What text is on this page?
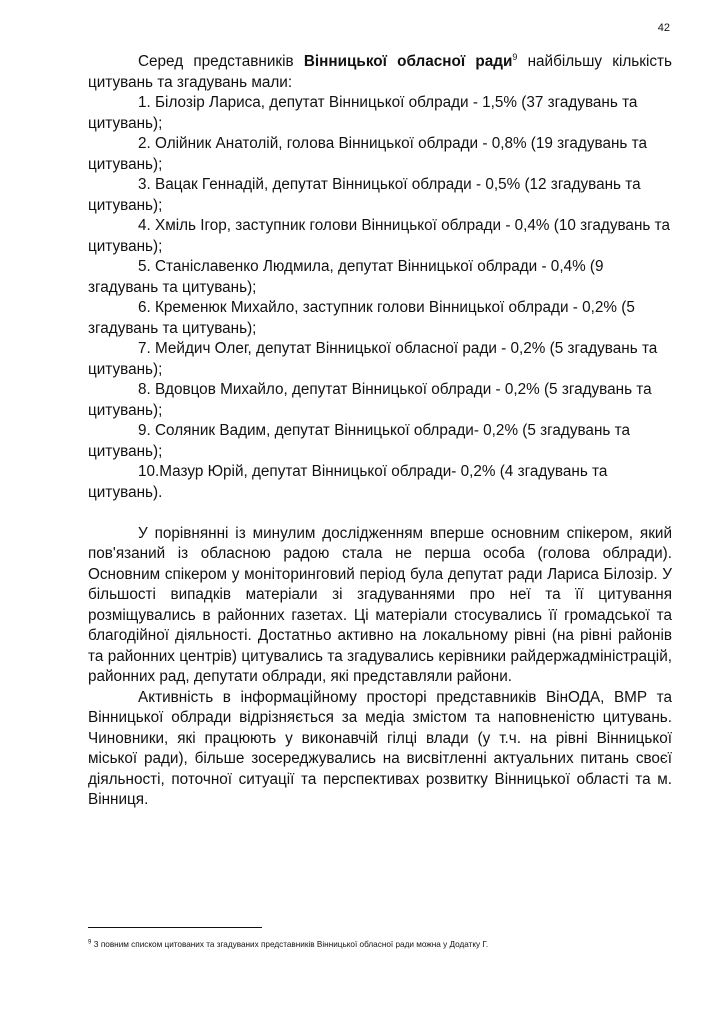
42

Серед представників Вінницької обласної ради$^9$ найбільшу кількість цитувань та згадувань мали:

1. Білозір Лариса, депутат Вінницької облради - 1,5% (37 згадувань та цитувань);
2. Олійник Анатолій, голова Вінницької облради - 0,8% (19 згадувань та цитувань);
3. Вацак Геннадій, депутат Вінницької облради - 0,5% (12 згадувань та цитувань);
4. Хміль Ігор, заступник голови Вінницької облради - 0,4% (10 згадувань та цитувань);
5. Станіславенко Людмила, депутат Вінницької облради - 0,4% (9 згадувань та цитувань);
6. Кременюк Михайло, заступник голови Вінницької облради - 0,2% (5 згадувань та цитувань);
7. Мейдич Олег, депутат Вінницької обласної ради - 0,2% (5 згадувань та цитувань);
8. Вдовцов Михайло, депутат Вінницької облради - 0,2% (5 згадувань та цитувань);
9. Соляник Вадим, депутат Вінницької облради- 0,2% (5 згадувань та цитувань);
10.Мазур Юрій, депутат Вінницької облради- 0,2% (4 згадувань та цитувань).

У порівнянні із минулим дослідженням вперше основним спікером, який пов'язаний із обласною радою стала не перша особа (голова облради). Основним спікером у моніторинговий період була депутат ради Лариса Білозір. У більшості випадків матеріали зі згадуваннями про неї та її цитування розміщувались в районних газетах. Ці матеріали стосувались її громадської та благодійної діяльності. Достатньо активно на локальному рівні (на рівні районів та районних центрів) цитувались та згадувались керівники райдержадміністрацій, районних рад, депутати облради, які представляли райони.

Активність в інформаційному просторі представників ВінОДА, ВМР та Вінницької облради відрізняється за медіа змістом та наповненістю цитувань. Чиновники, які працюють у виконавчій гілці влади (у т.ч. на рівні Вінницької міської ради), більше зосереджувались на висвітленні актуальних питань своєї діяльності, поточної ситуації та перспективах розвитку Вінницької області та м. Вінниця.

$^9$ З повним списком цитованих та згадуваних представників Вінницької обласної ради можна у Додатку Г.
